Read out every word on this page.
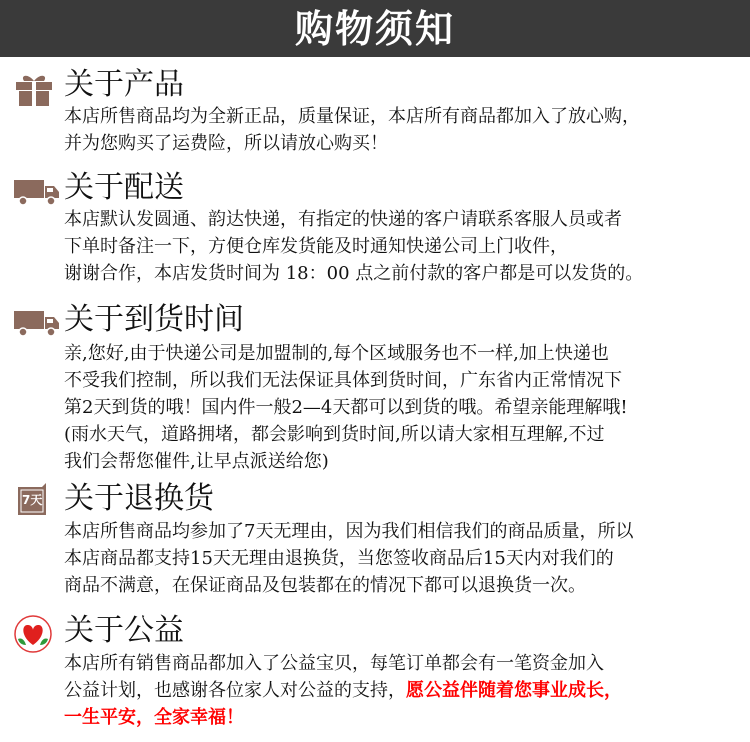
购物须知
关于产品
本店所售商品均为全新正品，质量保证，本店所有商品都加入了放心购，
并为您购买了运费险，所以请放心购买！
关于配送
本店默认发圆通、韵达快递，有指定的快递的客户请联系客服人员或者
下单时备注一下，方便仓库发货能及时通知快递公司上门收件，
谢谢合作，本店发货时间为 18：00 点之前付款的客户都是可以发货的。
关于到货时间
亲,您好,由于快递公司是加盟制的,每个区域服务也不一样,加上快递也
不受我们控制，所以我们无法保证具体到货时间，广东省内正常情况下
第2天到货的哦！国内件一般2—4天都可以到货的哦。希望亲能理解哦!
(雨水天气，道路拥堵，都会影响到货时间,所以请大家相互理解,不过
我们会帮您催件,让早点派送给您)
7天 关于退换货
本店所售商品均参加了7天无理由，因为我们相信我们的商品质量，所以
本店商品都支持15天无理由退换货，当您签收商品后15天内对我们的
商品不满意，在保证商品及包装都在的情况下都可以退换货一次。
关于公益
本店所有销售商品都加入了公益宝贝，每笔订单都会有一笔资金加入
公益计划，也感谢各位家人对公益的支持，愿公益伴随着您事业成长，
一生平安，全家幸福！
